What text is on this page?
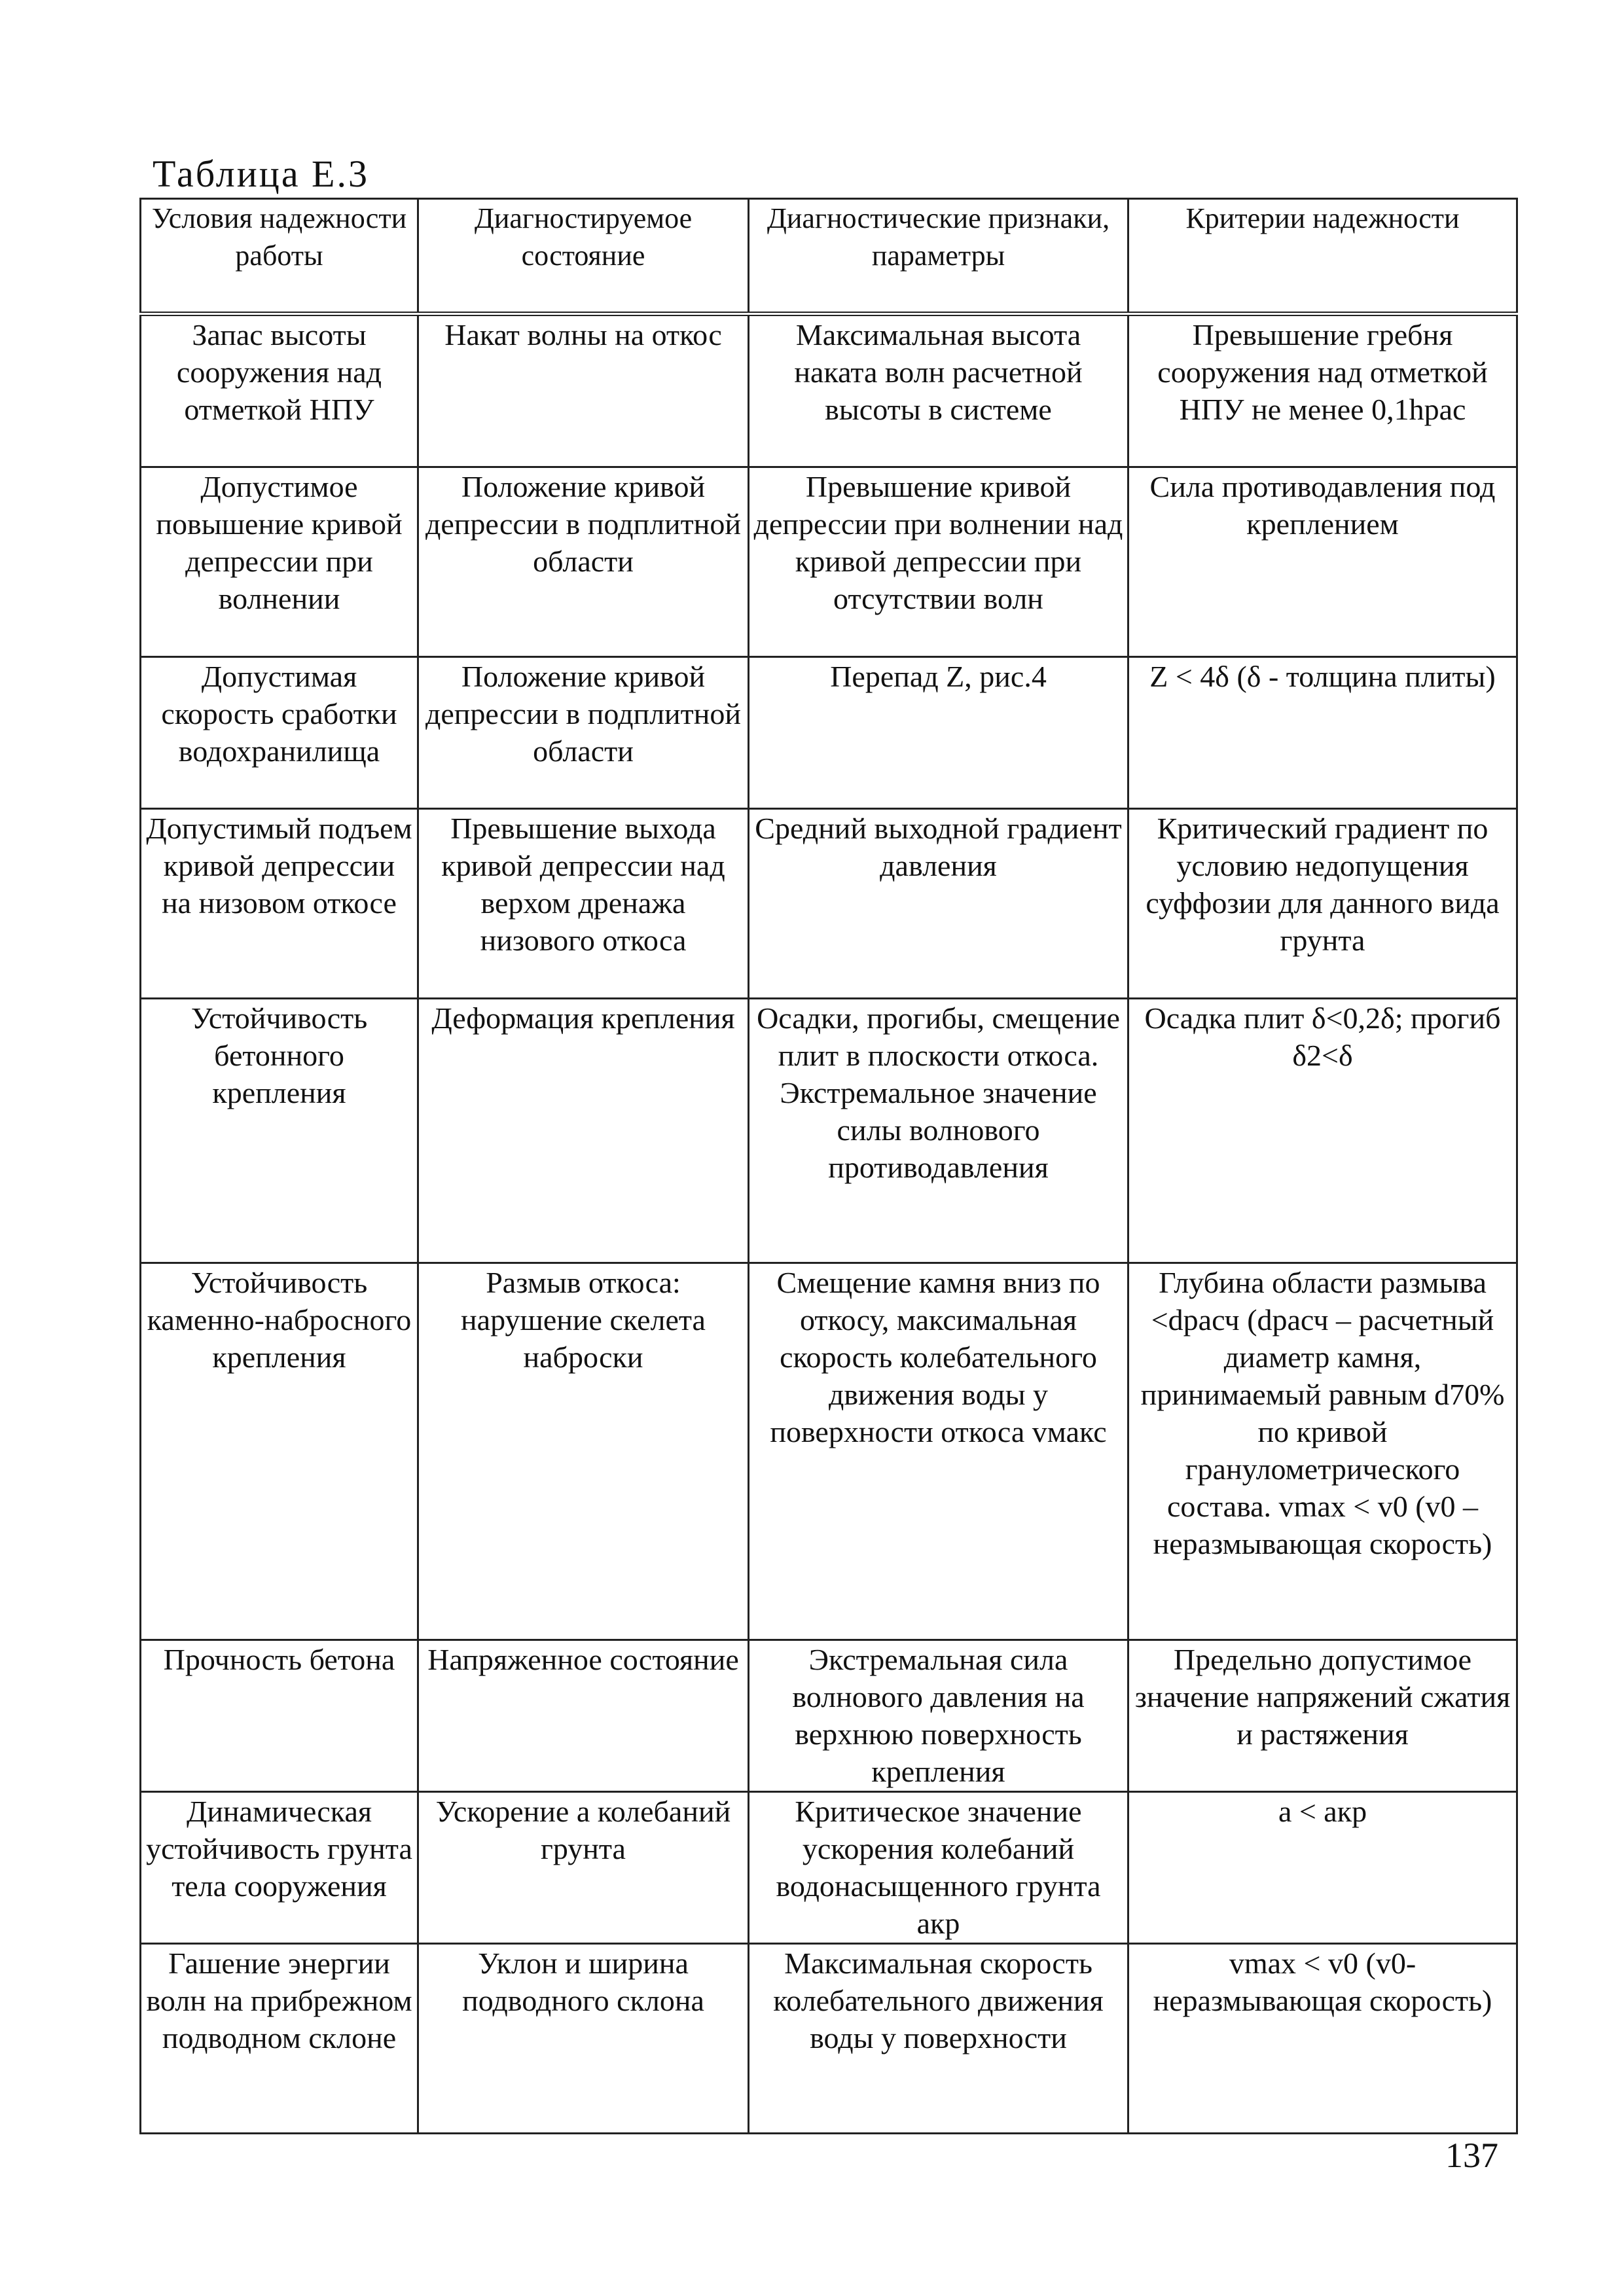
Таблица Е.3
Условия надежности работы	Диагностируемое состояние	Диагностические признаки, параметры	Критерии надежности
Запас высоты сооружения над отметкой НПУ	Накат волны на откос	Максимальная высота наката волн расчетной высоты в системе	Превышение гребня сооружения над отметкой НПУ не менее 0,1hрас
Допустимое повышение кривой депрессии при волнении	Положение кривой депрессии в подплитной области	Превышение кривой депрессии при волнении над кривой депрессии при отсутствии волн	Сила противодавления под креплением
Допустимая скорость сработки водохранилища	Положение кривой депрессии в подплитной области	Перепад Z, рис.4	Z < 4δ (δ - толщина плиты)
Допустимый подъем кривой депрессии на низовом откосе	Превышение выхода кривой депрессии над верхом дренажа низового откоса	Средний выходной градиент давления	Критический градиент по условию недопущения суффозии для данного вида грунта
Устойчивость бетонного крепления	Деформация крепления	Осадки, прогибы, смещение плит в плоскости откоса. Экстремальное значение силы волнового противодавления	Осадка плит δ<0,2δ; прогиб δ2<δ
Устойчивость каменно-набросного крепления	Размыв откоса: нарушение скелета наброски	Смещение камня вниз по откосу, максимальная скорость колебательного движения воды у поверхности откоса vмакс	Глубина области размыва <dрасч (dрасч – расчетный диаметр камня, принимаемый равным d70% по кривой гранулометрического состава. vmax < v0 (v0 – неразмывающая скорость)
Прочность бетона	Напряженное состояние	Экстремальная сила волнового давления на верхнюю поверхность крепления	Предельно допустимое значение напряжений сжатия и растяжения
Динамическая устойчивость грунта тела сооружения	Ускорение a колебаний грунта	Критическое значение ускорения колебаний водонасыщенного грунта aкр	a < aкр
Гашение энергии волн на прибрежном подводном склоне	Уклон и ширина подводного склона	Максимальная скорость колебательного движения воды у поверхности	vmax < v0 (v0- неразмывающая скорость)
137
